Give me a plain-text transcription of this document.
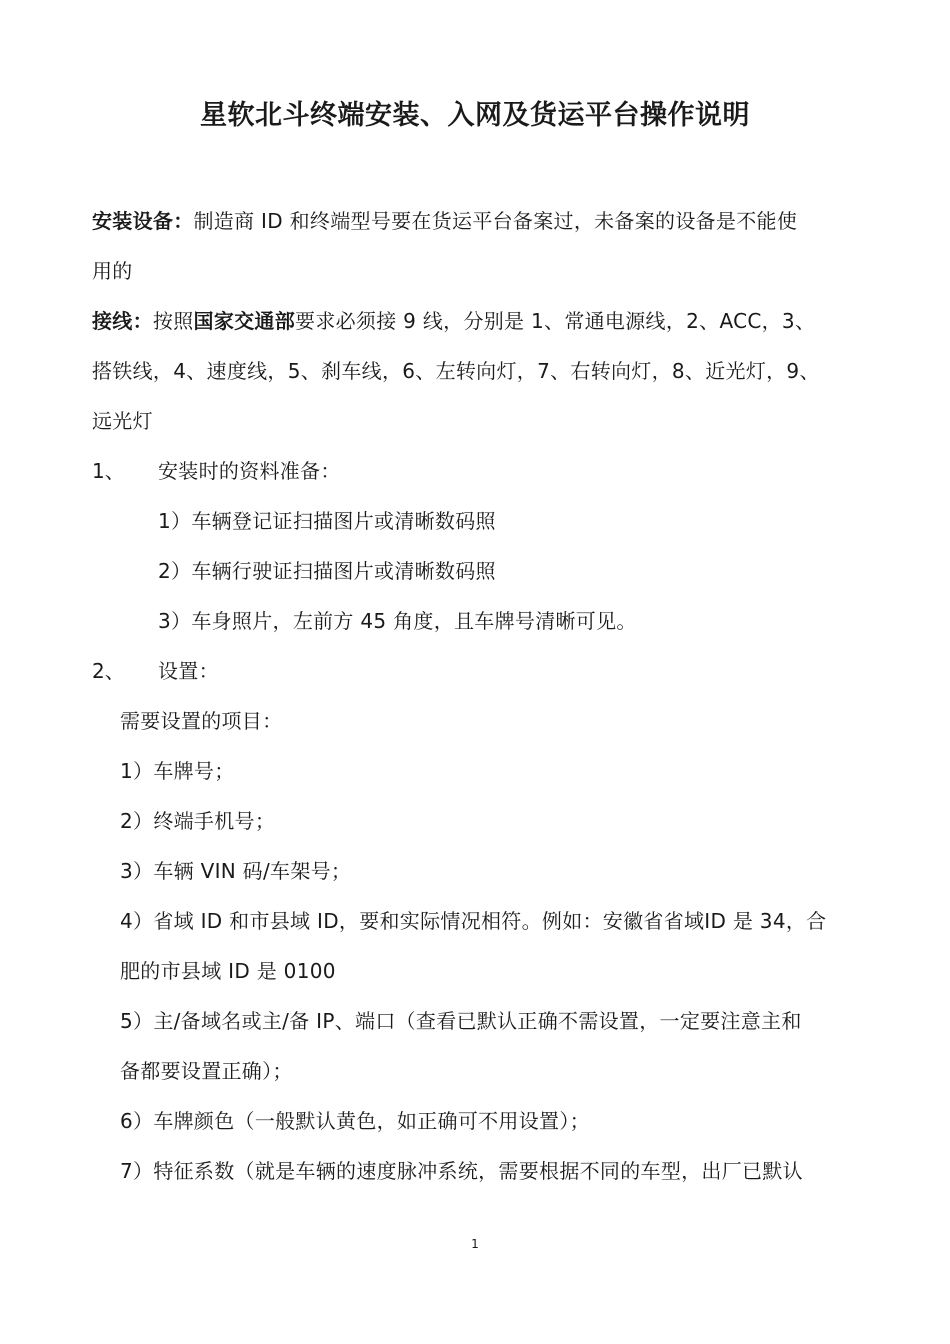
星软北斗终端安装、入网及货运平台操作说明
安装设备：制造商 ID 和终端型号要在货运平台备案过，未备案的设备是不能使
用的
接线：按照国家交通部要求必须接 9 线，分别是 1、常通电源线，2、ACC，3、
搭铁线，4、速度线，5、刹车线，6、左转向灯，7、右转向灯，8、近光灯，9、
远光灯
1、 安装时的资料准备：
1）车辆登记证扫描图片或清晰数码照
2）车辆行驶证扫描图片或清晰数码照
3）车身照片，左前方 45 角度，且车牌号清晰可见。
2、 设置：
需要设置的项目：
1）车牌号；
2）终端手机号；
3）车辆 VIN 码/车架号；
4）省域 ID 和市县域 ID，要和实际情况相符。例如：安徽省省域ID 是 34，合
肥的市县域 ID 是 0100
5）主/备域名或主/备 IP、端口（查看已默认正确不需设置，一定要注意主和
备都要设置正确）；
6）车牌颜色（一般默认黄色，如正确可不用设置）；
7）特征系数（就是车辆的速度脉冲系统，需要根据不同的车型，出厂已默认
1
